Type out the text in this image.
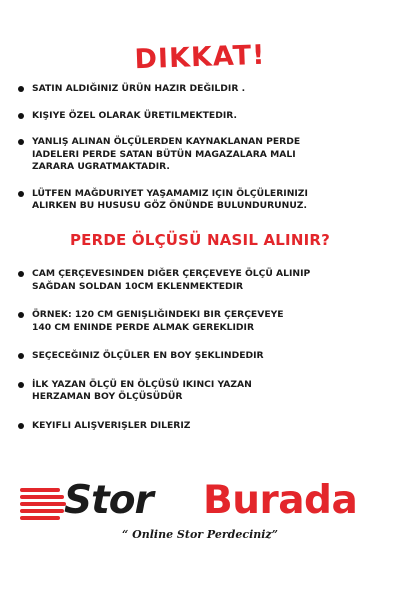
DIKKAT!
SATIN ALDIĞINIZ ÜRÜN HAZIR DEĞILDIR .
KIŞIYE ÖZEL OLARAK ÜRETILMEKTEDIR.
YANLIŞ ALINAN ÖLÇÜLERDEN KAYNAKLANAN PERDE IADELERI PERDE SATAN BÜTÜN MAGAZALARA MALI ZARARA UGRATMAKTADIR.
LÜTFEN MAĞDURIYET YAŞAMAMIZ IÇIN ÖLÇÜLERINIZI ALIRKEN BU HUSUSU GÖZ ÖNÜNDE BULUNDURUNUZ.
PERDE ÖLÇÜSÜ NASIL ALINIR?
CAM ÇERÇEVESINDEN DIĞER ÇERÇEVEYE ÖLÇÜ ALINIP SAĞDAN SOLDAN 10CM EKLENMEKTEDIR
ÖRNEK: 120 CM GENIŞLIĞINDEKI BIR ÇERÇEVEYE 140 CM ENINDE PERDE ALMAK GEREKLIDIR
SEÇECEĞINIZ ÖLÇÜLER EN BOY ŞEKLINDEDIR
İLK YAZAN ÖLÇÜ EN ÖLÇÜSÜ IKINCI YAZAN HERZAMAN BOY ÖLÇÜSÜDÜR
KEYIFLI ALIŞVERIŞLER DILERIZ
Stor Burada
“ Online Stor Perdeciniz”
